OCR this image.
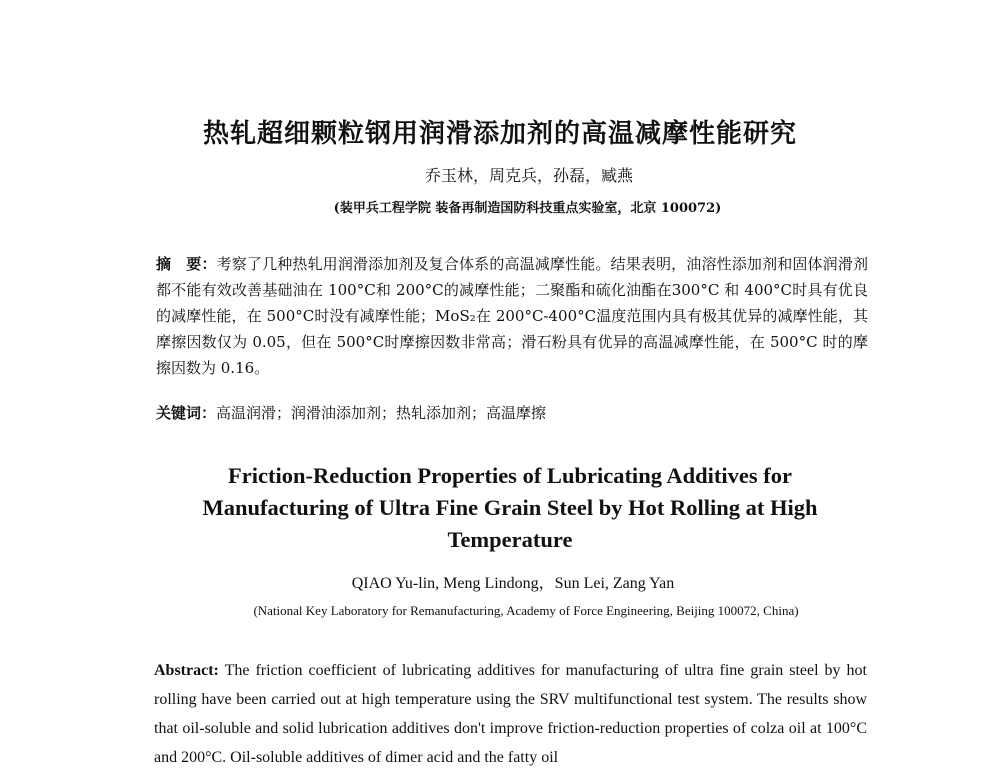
热轧超细颗粒钢用润滑添加剂的高温减摩性能研究
乔玉林，周克兵，孙磊，臧燕
(装甲兵工程学院 装备再制造国防科技重点实验室，北京 100072)
摘　要：考察了几种热轧用润滑添加剂及复合体系的高温减摩性能。结果表明，油溶性添加剂和固体润滑剂都不能有效改善基础油在 100°C和 200°C的减摩性能；二聚酯和硫化油酯在300°C 和 400°C时具有优良的减摩性能，在 500°C时没有减摩性能；MoS₂在 200°C-400°C温度范围内具有极其优异的减摩性能，其摩擦因数仅为 0.05，但在 500°C时摩擦因数非常高；滑石粉具有优异的高温减摩性能，在 500°C 时的摩擦因数为 0.16。
关键词：高温润滑；润滑油添加剂；热轧添加剂；高温摩擦
Friction-Reduction Properties of Lubricating Additives for Manufacturing of Ultra Fine Grain Steel by Hot Rolling at High Temperature
QIAO Yu-lin, Meng Lindong，Sun Lei, Zang Yan
(National Key Laboratory for Remanufacturing, Academy of Force Engineering, Beijing 100072, China)
Abstract: The friction coefficient of lubricating additives for manufacturing of ultra fine grain steel by hot rolling have been carried out at high temperature using the SRV multifunctional test system. The results show that oil-soluble and solid lubrication additives don't improve friction-reduction properties of colza oil at 100°C and 200°C. Oil-soluble additives of dimer acid and the fatty oil
